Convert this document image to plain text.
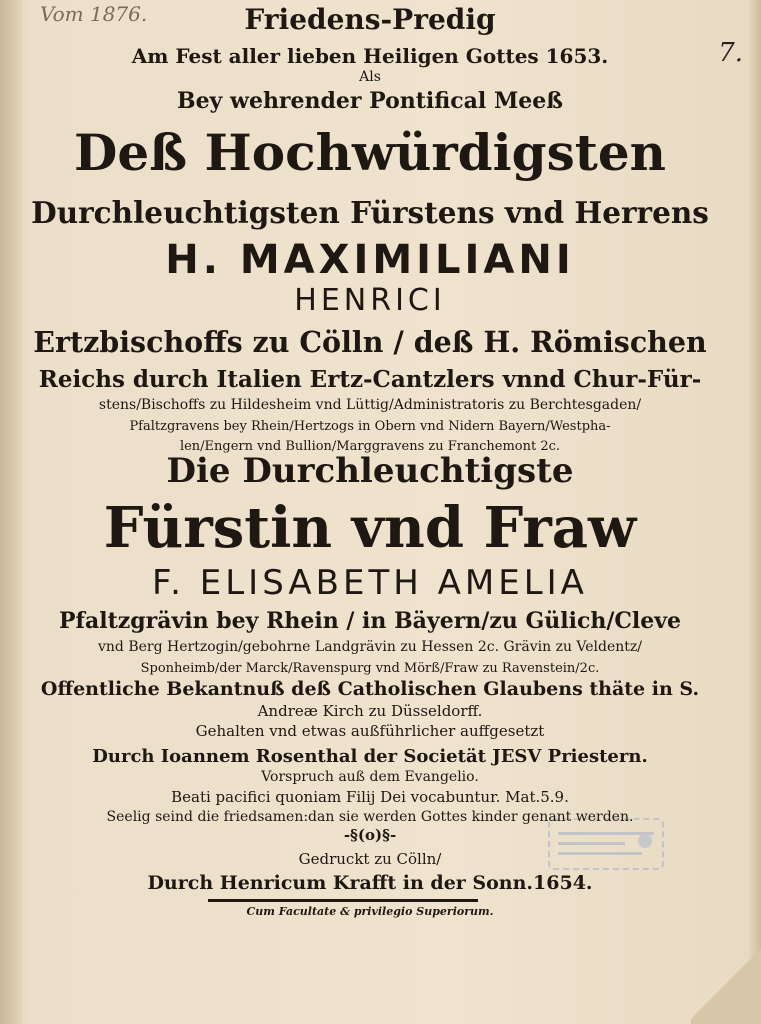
Vom 1876.
7.
Friedens-Predig
Am Fest aller lieben Heiligen Gottes 1653.
Als
Bey wehrender Pontifical Meeß
Deß Hochwürdigsten
Durchleuchtigsten Fürstens vnd Herrens
H. MAXIMILIANI
HENRICI
Ertzbischoffs zu Cölln / deß H. Römischen
Reichs durch Italien Ertz-Cantzlers vnnd Chur-Für-
stens/Bischoffs zu Hildesheim vnd Lüttig/Administratoris zu Berchtesgaden/
Pfaltzgravens bey Rhein/Hertzogs in Obern vnd Nidern Bayern/Westpha-
len/Engern vnd Bullion/Marggravens zu Franchemont 2c.
Die Durchleuchtigste
Fürstin vnd Fraw
F. ELISABETH AMELIA
Pfaltzgrävin bey Rhein / in Bäyern/zu Gülich/Cleve
vnd Berg Hertzogin/gebohrne Landgrävin zu Hessen 2c. Grävin zu Veldentz/
Sponheimb/der Marck/Ravenspurg vnd Mörß/Fraw zu Ravenstein/2c.
Offentliche Bekantnuß deß Catholischen Glaubens thäte in S.
Andreæ Kirch zu Düsseldorff.
Gehalten vnd etwas außführlicher auffgesetzt
Durch Ioannem Rosenthal der Societät JESV Priestern.
Vorspruch auß dem Evangelio.
Beati pacifici quoniam Filij Dei vocabuntur. Mat.5.9.
Seelig seind die friedsamen:dan sie werden Gottes kinder genant werden.
-§(o)§-
Gedruckt zu Cölln/
Durch Henricum Krafft in der Sonn.1654.
Cum Facultate & privilegio Superiorum.
